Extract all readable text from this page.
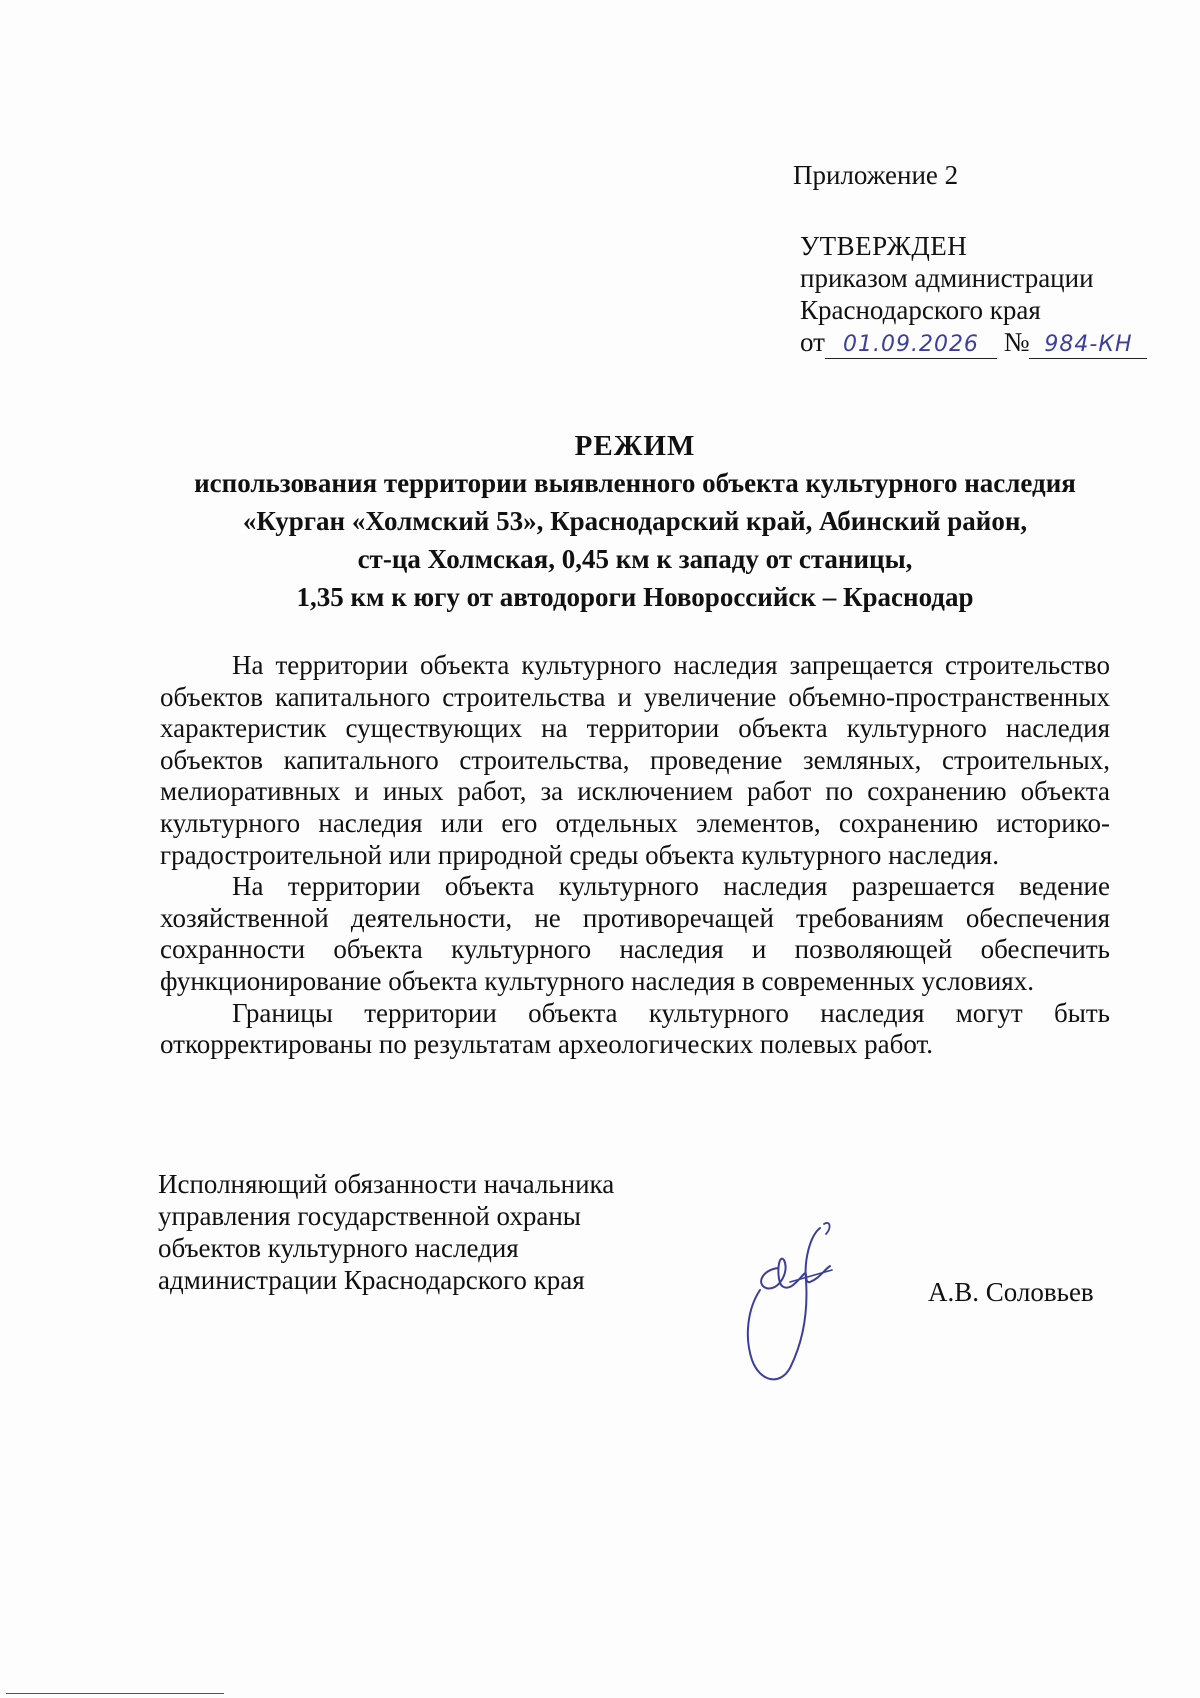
Приложение 2
УТВЕРЖДЕН
приказом администрации
Краснодарского края
от 01.09.2026 № 984-КН
РЕЖИМ
использования территории выявленного объекта культурного наследия
«Курган «Холмский 53», Краснодарский край, Абинский район,
ст-ца Холмская, 0,45 км к западу от станицы,
1,35 км к югу от автодороги Новороссийск – Краснодар

На территории объекта культурного наследия запрещается строительство объектов капитального строительства и увеличение объемно-пространственных характеристик существующих на территории объекта культурного наследия объектов капитального строительства, проведение земляных, строительных, мелиоративных и иных работ, за исключением работ по сохранению объекта культурного наследия или его отдельных элементов, сохранению историко-градостроительной или природной среды объекта культурного наследия.

На территории объекта культурного наследия разрешается ведение хозяйственной деятельности, не противоречащей требованиям обеспечения сохранности объекта культурного наследия и позволяющей обеспечить функционирование объекта культурного наследия в современных условиях.

Границы территории объекта культурного наследия могут быть откорректированы по результатам археологических полевых работ.

Исполняющий обязанности начальника
управления государственной охраны
объектов культурного наследия
администрации Краснодарского края	А.В. Соловьев
